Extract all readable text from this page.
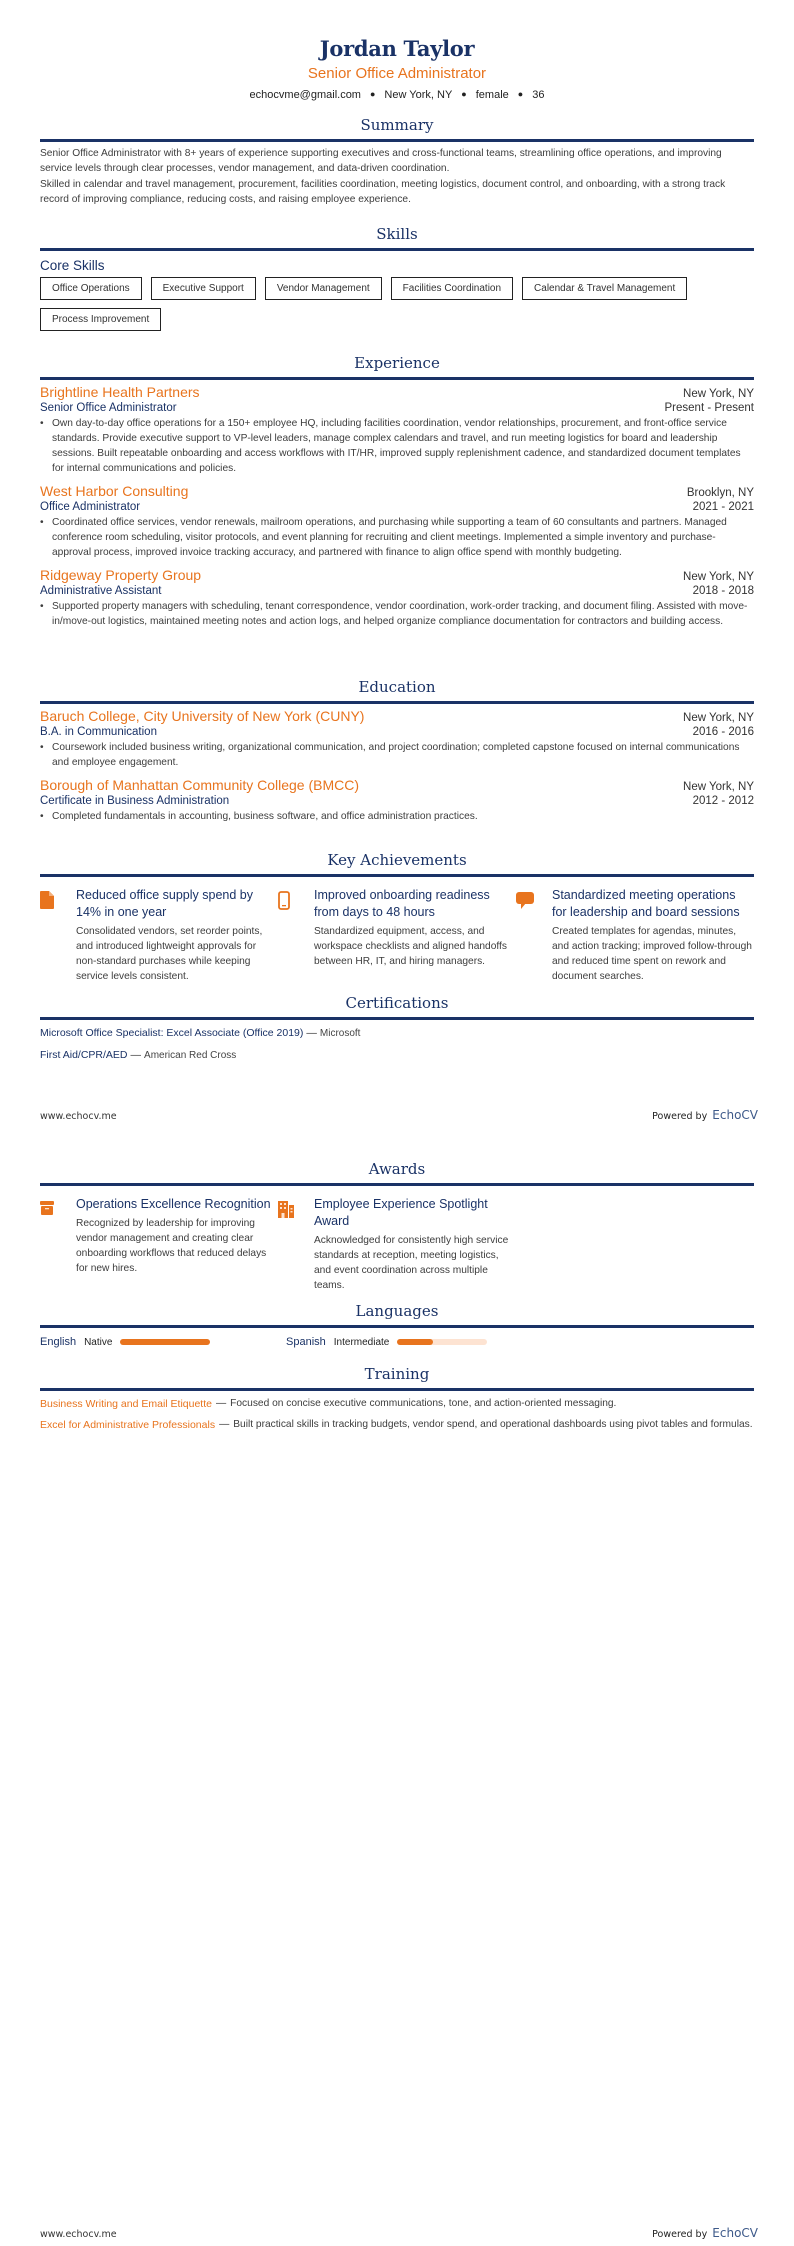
Jordan Taylor
Senior Office Administrator
echocvme@gmail.com ● New York, NY ● female ● 36
Summary

Senior Office Administrator with 8+ years of experience supporting executives and cross-functional teams, streamlining office operations, and improving service levels through clear processes, vendor management, and data-driven coordination.

Skilled in calendar and travel management, procurement, facilities coordination, meeting logistics, document control, and onboarding, with a strong track record of improving compliance, reducing costs, and raising employee experience.

Skills
Core Skills
Office Operations	Executive Support	Vendor Management	Facilities Coordination	Calendar & Travel Management
Process Improvement
Experience
Brightline Health Partners	New York, NY
Senior Office Administrator	Present - Present
• Own day-to-day office operations for a 150+ employee HQ, including facilities coordination, vendor relationships, procurement, and front-office service standards. Provide executive support to VP-level leaders, manage complex calendars and travel, and run meeting logistics for board and leadership sessions. Built repeatable onboarding and access workflows with IT/HR, improved supply replenishment cadence, and standardized document templates for internal communications and policies.
West Harbor Consulting	Brooklyn, NY
Office Administrator	2021 - 2021
• Coordinated office services, vendor renewals, mailroom operations, and purchasing while supporting a team of 60 consultants and partners. Managed conference room scheduling, visitor protocols, and event planning for recruiting and client meetings. Implemented a simple inventory and purchase-approval process, improved invoice tracking accuracy, and partnered with finance to align office spend with monthly budgeting.
Ridgeway Property Group	New York, NY
Administrative Assistant	2018 - 2018
• Supported property managers with scheduling, tenant correspondence, vendor coordination, work-order tracking, and document filing. Assisted with move-in/move-out logistics, maintained meeting notes and action logs, and helped organize compliance documentation for contractors and building access.
Education
Baruch College, City University of New York (CUNY)	New York, NY
B.A. in Communication	2016 - 2016
• Coursework included business writing, organizational communication, and project coordination; completed capstone focused on internal communications and employee engagement.
Borough of Manhattan Community College (BMCC)	New York, NY
Certificate in Business Administration	2012 - 2012
• Completed fundamentals in accounting, business software, and office administration practices.
Key Achievements
Reduced office supply spend by 14% in one year
Consolidated vendors, set reorder points, and introduced lightweight approvals for non-standard purchases while keeping service levels consistent.
Improved onboarding readiness from days to 48 hours
Standardized equipment, access, and workspace checklists and aligned handoffs between HR, IT, and hiring managers.
Standardized meeting operations for leadership and board sessions
Created templates for agendas, minutes, and action tracking; improved follow-through and reduced time spent on rework and document searches.
Certifications
Microsoft Office Specialist: Excel Associate (Office 2019) — Microsoft
First Aid/CPR/AED — American Red Cross
www.echocv.me	Powered by EchoCV
Awards
Operations Excellence Recognition
Recognized by leadership for improving vendor management and creating clear onboarding workflows that reduced delays for new hires.
Employee Experience Spotlight Award
Acknowledged for consistently high service standards at reception, meeting logistics, and event coordination across multiple teams.
Languages
English Native	Spanish Intermediate
Training
Business Writing and Email Etiquette — Focused on concise executive communications, tone, and action-oriented messaging.
Excel for Administrative Professionals — Built practical skills in tracking budgets, vendor spend, and operational dashboards using pivot tables and formulas.
www.echocv.me	Powered by EchoCV
